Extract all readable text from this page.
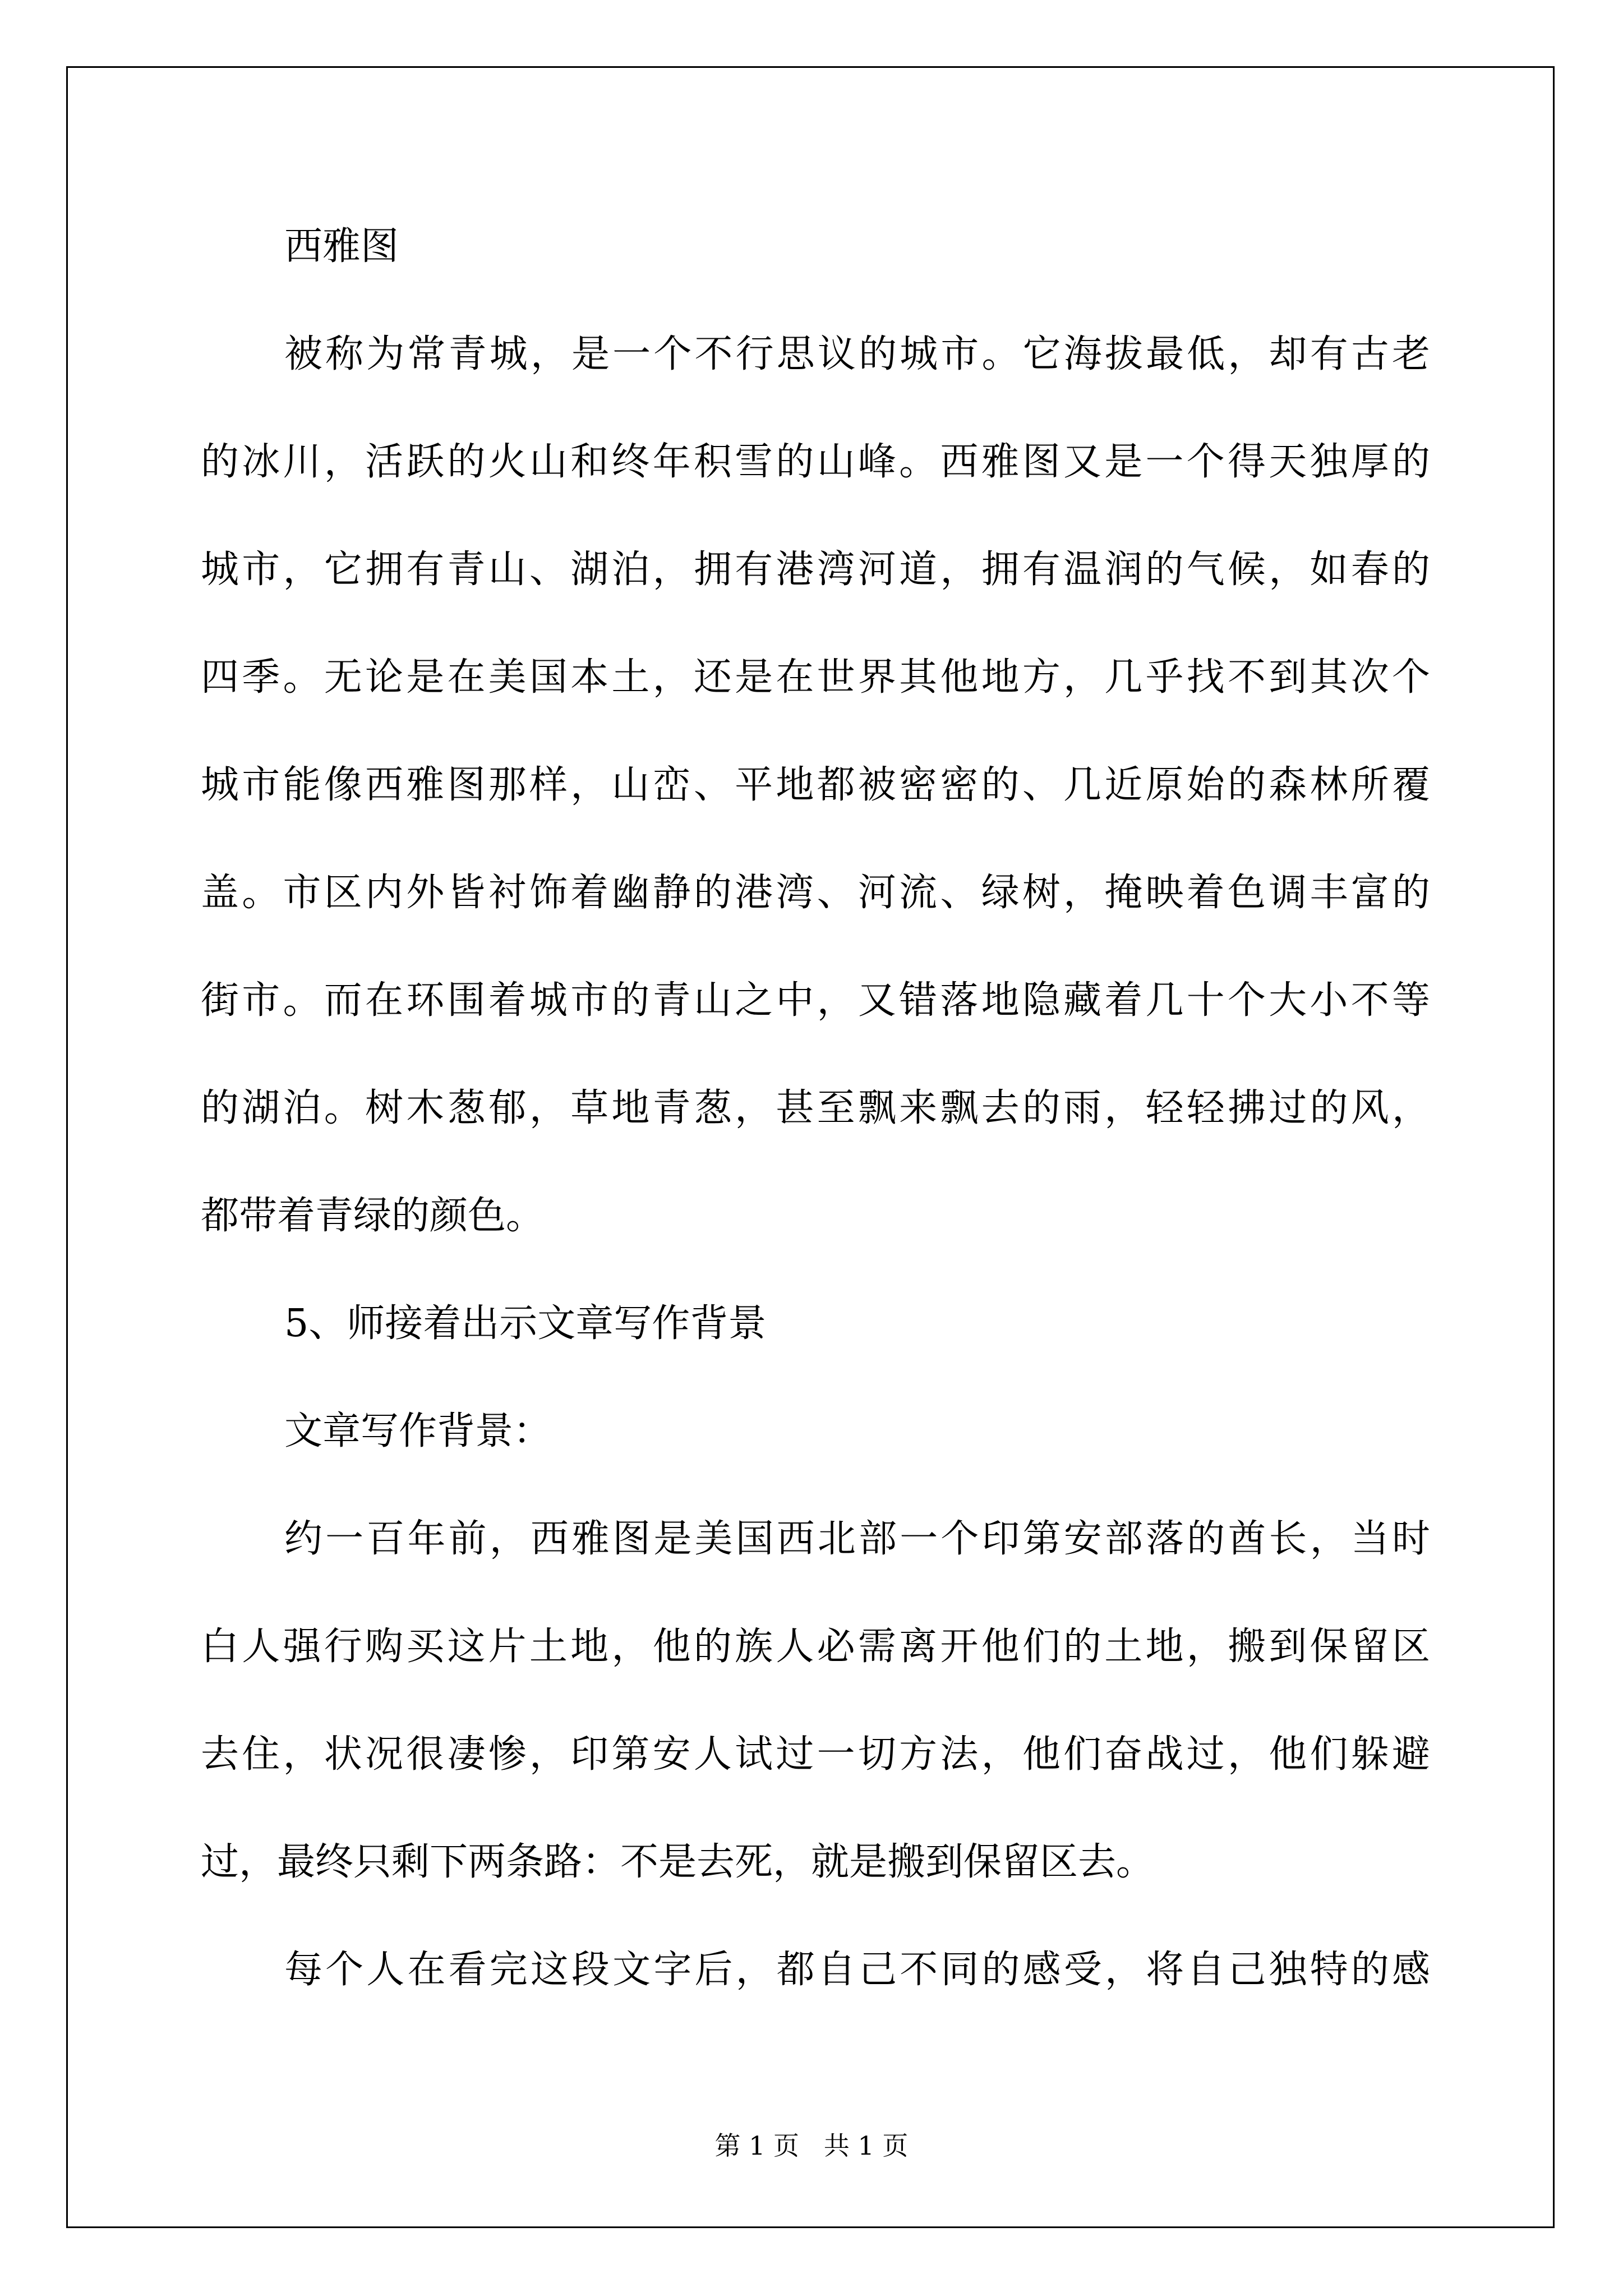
西雅图
被称为常青城，是一个不行思议的城市。它海拔最低，却有古老
的冰川，活跃的火山和终年积雪的山峰。西雅图又是一个得天独厚的
城市，它拥有青山、湖泊，拥有港湾河道，拥有温润的气候，如春的
四季。无论是在美国本土，还是在世界其他地方，几乎找不到其次个
城市能像西雅图那样，山峦、平地都被密密的、几近原始的森林所覆
盖。市区内外皆衬饰着幽静的港湾、河流、绿树，掩映着色调丰富的
街市。而在环围着城市的青山之中，又错落地隐藏着几十个大小不等
的湖泊。树木葱郁，草地青葱，甚至飘来飘去的雨，轻轻拂过的风，
都带着青绿的颜色。
5、师接着出示文章写作背景
文章写作背景：
约一百年前，西雅图是美国西北部一个印第安部落的酋长，当时
白人强行购买这片土地，他的族人必需离开他们的土地，搬到保留区
去住，状况很凄惨，印第安人试过一切方法，他们奋战过，他们躲避
过，最终只剩下两条路：不是去死，就是搬到保留区去。
每个人在看完这段文字后，都自己不同的感受，将自己独特的感
第 1 页   共 1 页
